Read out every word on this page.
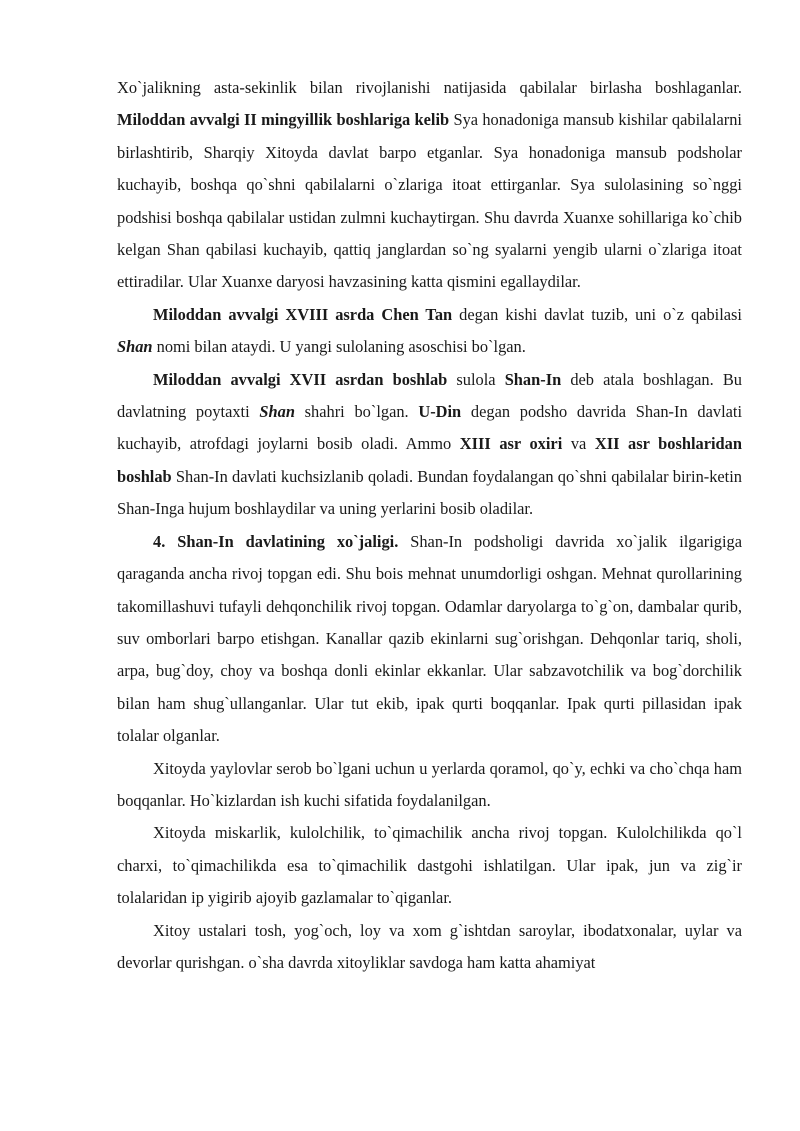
Xo`jalikning asta-sekinlik bilan rivojlanishi natijasida qabilalar birlasha boshlaganlar. Miloddan avvalgi II mingyillik boshlariga kelib Sya honadoniga mansub kishilar qabilalarni birlashtirib, Sharqiy Xitoyda davlat barpo etganlar. Sya honadoniga mansub podsholar kuchayib, boshqa qo`shni qabilalarni o`zlariga itoat ettirganlar. Sya sulolasining so`nggi podshisi boshqa qabilalar ustidan zulmni kuchaytirgan. Shu davrda Xuanxe sohillariga ko`chib kelgan Shan qabilasi kuchayib, qattiq janglardan so`ng syalarni yengib ularni o`zlariga itoat ettiradilar. Ular Xuanxe daryosi havzasining katta qismini egallaydilar.

Miloddan avvalgi XVIII asrda Chen Tan degan kishi davlat tuzib, uni o`z qabilasi Shan nomi bilan ataydi. U yangi sulolaning asoschisi bo`lgan.

Miloddan avvalgi XVII asrdan boshlab sulola Shan-In deb atala boshlagan. Bu davlatning poytaxti Shan shahri bo`lgan. U-Din degan podsho davrida Shan-In davlati kuchayib, atrofdagi joylarni bosib oladi. Ammo XIII asr oxiri va XII asr boshlaridan boshlab Shan-In davlati kuchsizlanib qoladi. Bundan foydalangan qo`shni qabilalar birin-ketin Shan-Inga hujum boshlaydilar va uning yerlarini bosib oladilar.

4. Shan-In davlatining xo`jaligi. Shan-In podsholigi davrida xo`jalik ilgarigiga qaraganda ancha rivoj topgan edi. Shu bois mehnat unumdorligi oshgan. Mehnat qurollarining takomillashuvi tufayli dehqonchilik rivoj topgan. Odamlar daryolarga to`g`on, dambalar qurib, suv omborlari barpo etishgan. Kanallar qazib ekinlarni sug`orishgan. Dehqonlar tariq, sholi, arpa, bug`doy, choy va boshqa donli ekinlar ekkanlar. Ular sabzavotchilik va bog`dorchilik bilan ham shug`ullanganlar. Ular tut ekib, ipak qurti boqqanlar. Ipak qurti pillasidan ipak tolalar olganlar.

Xitoyda yaylovlar serob bo`lgani uchun u yerlarda qoramol, qo`y, echki va cho`chqa ham boqqanlar. Ho`kizlardan ish kuchi sifatida foydalanilgan.

Xitoyda miskarlik, kulolchilik, to`qimachilik ancha rivoj topgan. Kulolchilikda qo`l charxi, to`qimachilikda esa to`qimachilik dastgohi ishlatilgan. Ular ipak, jun va zig`ir tolalaridan ip yigirib ajoyib gazlamalar to`qiganlar.

Xitoy ustalari tosh, yog`och, loy va xom g`ishtdan saroylar, ibodatxonalar, uylar va devorlar qurishgan. o`sha davrda xitoyliklar savdoga ham katta ahamiyat
